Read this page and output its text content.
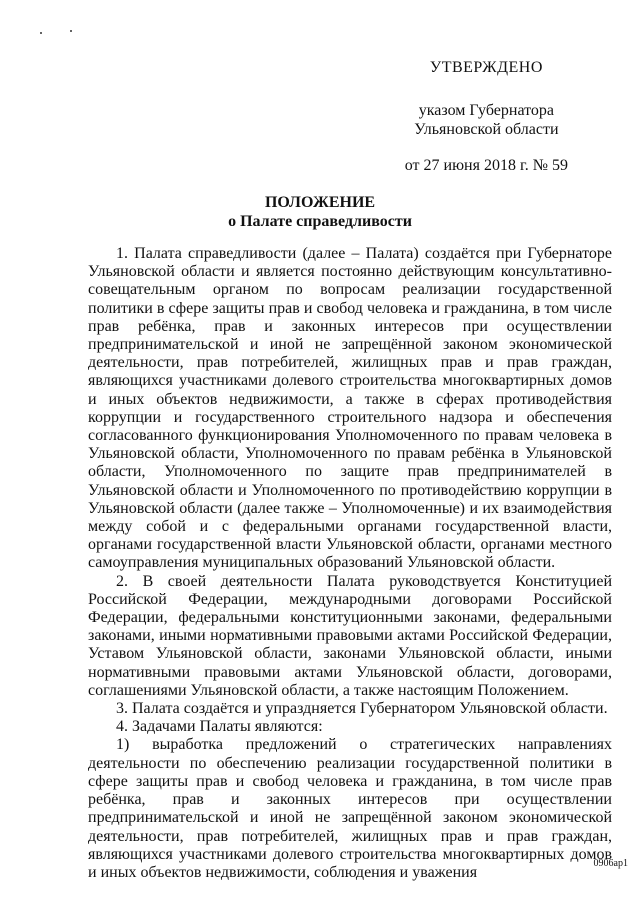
УТВЕРЖДЕНО
указом Губернатора
Ульяновской области
от 27 июня 2018 г. № 59
ПОЛОЖЕНИЕ
о Палате справедливости

1. Палата справедливости (далее – Палата) создаётся при Губернаторе Ульяновской области и является постоянно действующим консультативно-совещательным органом по вопросам реализации государственной политики в сфере защиты прав и свобод человека и гражданина, в том числе прав ребёнка, прав и законных интересов при осуществлении предпринимательской и иной не запрещённой законом экономической деятельности, прав потребителей, жилищных прав и прав граждан, являющихся участниками долевого строительства многоквартирных домов и иных объектов недвижимости, а также в сферах противодействия коррупции и государственного строительного надзора и обеспечения согласованного функционирования Уполномоченного по правам человека в Ульяновской области, Уполномоченного по правам ребёнка в Ульяновской области, Уполномоченного по защите прав предпринимателей в Ульяновской области и Уполномоченного по противодействию коррупции в Ульяновской области (далее также – Уполномоченные) и их взаимодействия между собой и с федеральными органами государственной власти, органами государственной власти Ульяновской области, органами местного самоуправления муниципальных образований Ульяновской области.

2. В своей деятельности Палата руководствуется Конституцией Российской Федерации, международными договорами Российской Федерации, федеральными конституционными законами, федеральными законами, иными нормативными правовыми актами Российской Федерации, Уставом Ульяновской области, законами Ульяновской области, иными нормативными правовыми актами Ульяновской области, договорами, соглашениями Ульяновской области, а также настоящим Положением.

3. Палата создаётся и упраздняется Губернатором Ульяновской области.

4. Задачами Палаты являются:

1) выработка предложений о стратегических направлениях деятельности по обеспечению реализации государственной политики в сфере защиты прав и свобод человека и гражданина, в том числе прав ребёнка, прав и законных интересов при осуществлении предпринимательской и иной не запрещённой законом экономической деятельности, прав потребителей, жилищных прав и прав граждан, являющихся участниками долевого строительства многоквартирных домов и иных объектов недвижимости, соблюдения и уважения

0906ар1
